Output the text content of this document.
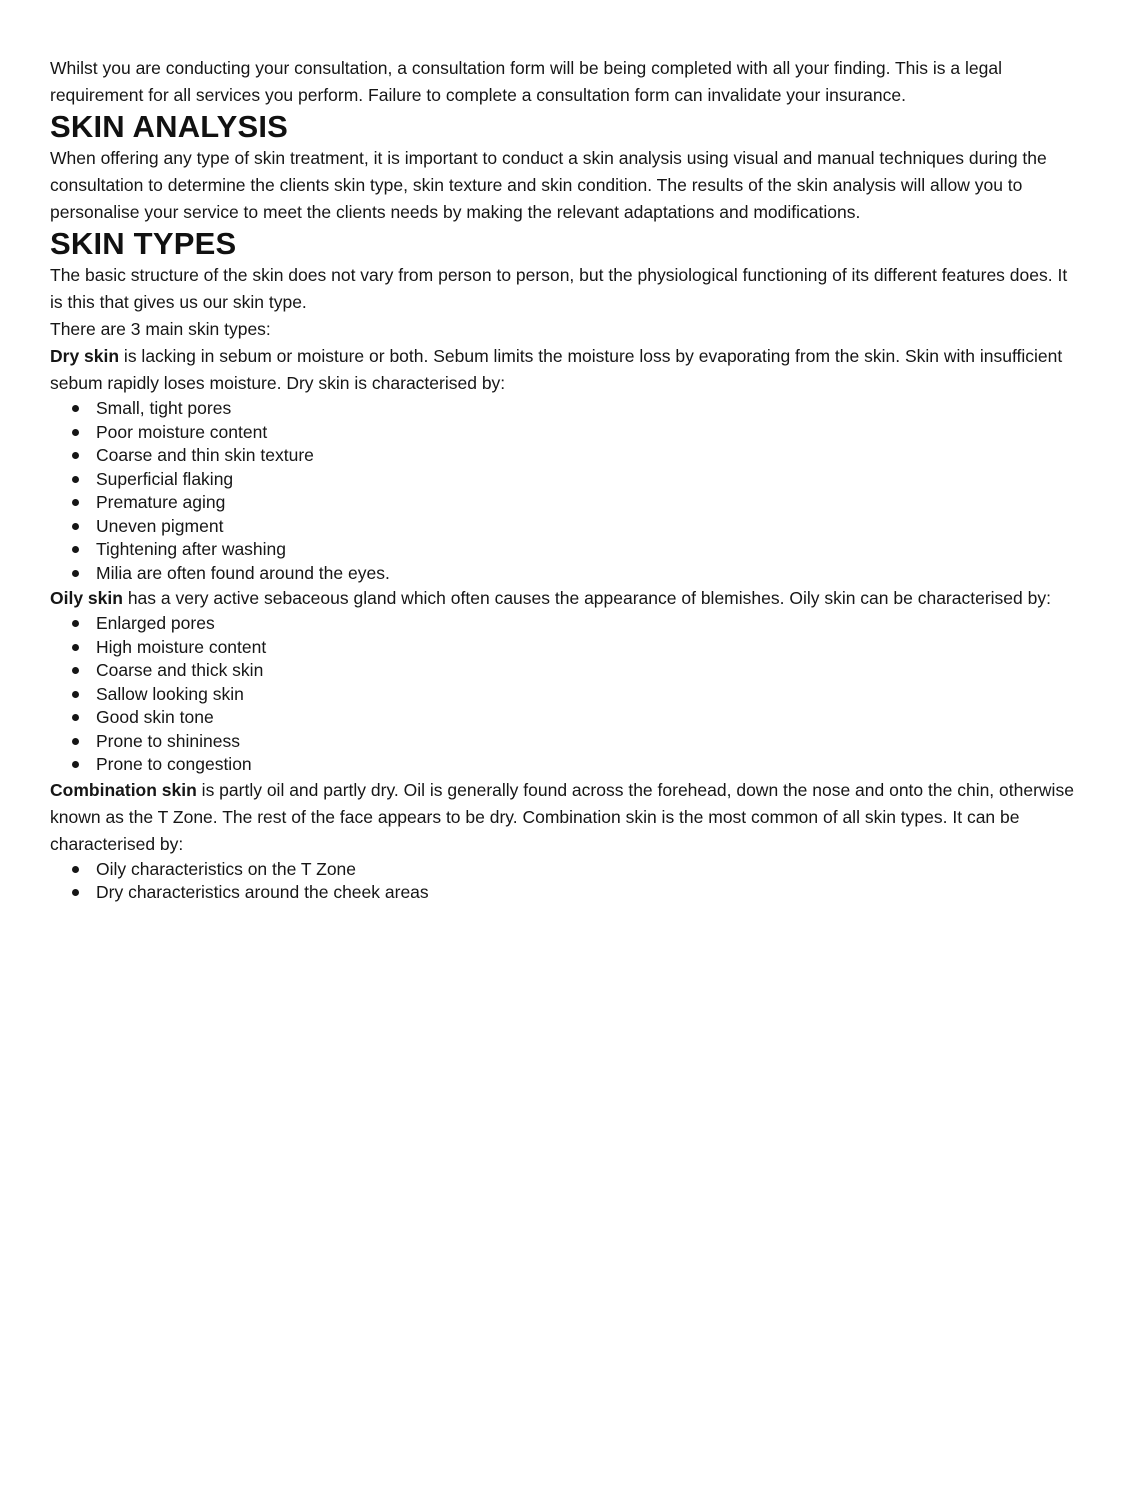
Whilst you are conducting your consultation, a consultation form will be being completed with all your finding. This is a legal requirement for all services you perform. Failure to complete a consultation form can invalidate your insurance.

SKIN ANALYSIS

When offering any type of skin treatment, it is important to conduct a skin analysis using visual and manual techniques during the consultation to determine the clients skin type, skin texture and skin condition. The results of the skin analysis will allow you to personalise your service to meet the clients needs by making the relevant adaptations and modifications.

SKIN TYPES

The basic structure of the skin does not vary from person to person, but the physiological functioning of its different features does. It is this that gives us our skin type.

There are 3 main skin types:

Dry skin is lacking in sebum or moisture or both. Sebum limits the moisture loss by evaporating from the skin. Skin with insufficient sebum rapidly loses moisture. Dry skin is characterised by:

Small, tight pores
Poor moisture content
Coarse and thin skin texture
Superficial flaking
Premature aging
Uneven pigment
Tightening after washing
Milia are often found around the eyes.

Oily skin has a very active sebaceous gland which often causes the appearance of blemishes. Oily skin can be characterised by:

Enlarged pores
High moisture content
Coarse and thick skin
Sallow looking skin
Good skin tone
Prone to shininess
Prone to congestion

Combination skin is partly oil and partly dry. Oil is generally found across the forehead, down the nose and onto the chin, otherwise known as the T Zone. The rest of the face appears to be dry. Combination skin is the most common of all skin types. It can be characterised by:

Oily characteristics on the T Zone
Dry characteristics around the cheek areas
